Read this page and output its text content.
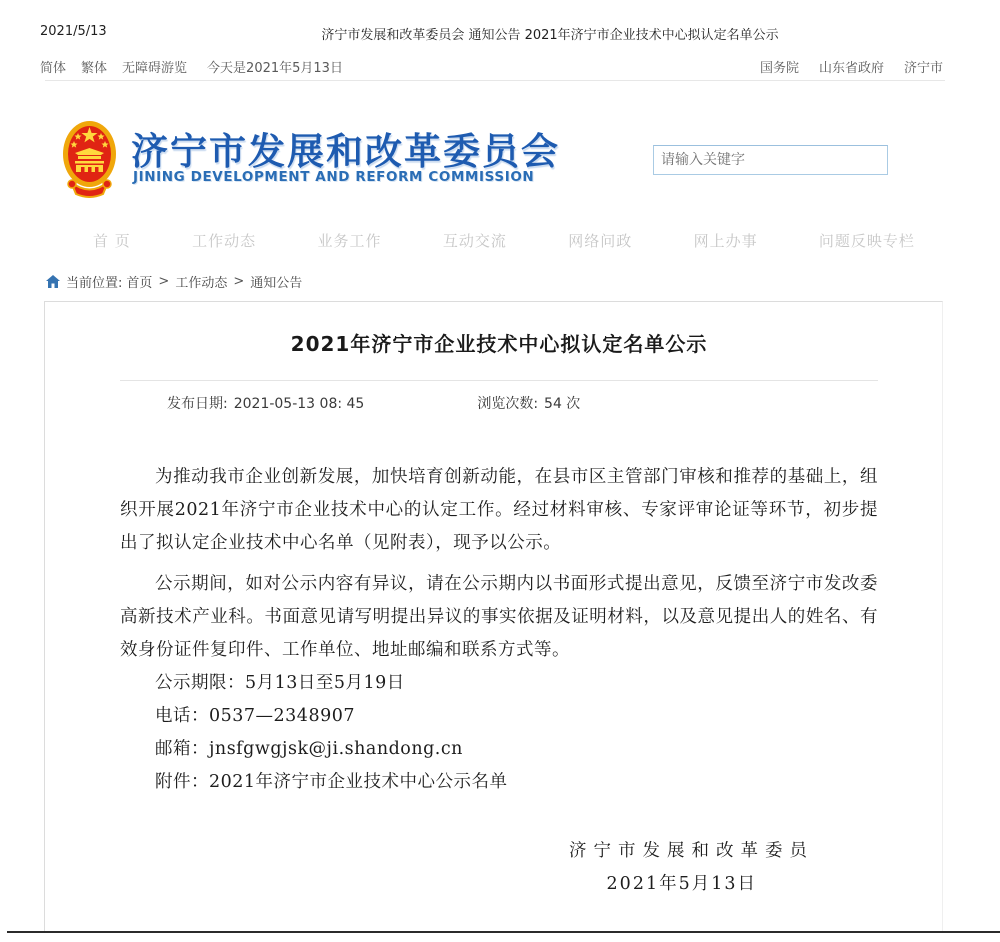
2021/5/13	济宁市发展和改革委员会 通知公告 2021年济宁市企业技术中心拟认定名单公示
简体 繁体 无障碍游览 今天是2021年5月13日	国务院 山东省政府 济宁市
济宁市发展和改革委员会
JINING DEVELOPMENT AND REFORM COMMISSION
请输入关键字
首 页	工作动态	业务工作	互动交流	网络问政	网上办事	问题反映专栏
当前位置: 首页 > 工作动态 > 通知公告
2021年济宁市企业技术中心拟认定名单公示
发布日期: 2021-05-13 08: 45	浏览次数: 54 次

为推动我市企业创新发展，加快培育创新动能，在县市区主管部门审核和推荐的基础上，组织开展2021年济宁市企业技术中心的认定工作。经过材料审核、专家评审论证等环节，初步提出了拟认定企业技术中心名单（见附表），现予以公示。

公示期间，如对公示内容有异议，请在公示期内以书面形式提出意见，反馈至济宁市发改委高新技术产业科。书面意见请写明提出异议的事实依据及证明材料，以及意见提出人的姓名、有效身份证件复印件、工作单位、地址邮编和联系方式等。

公示期限：5月13日至5月19日

电话：0537—2348907

邮箱：jnsfgwgjsk@ji.shandong.cn

附件：2021年济宁市企业技术中心公示名单

济宁市发展和改革委员
2021年5月13日
